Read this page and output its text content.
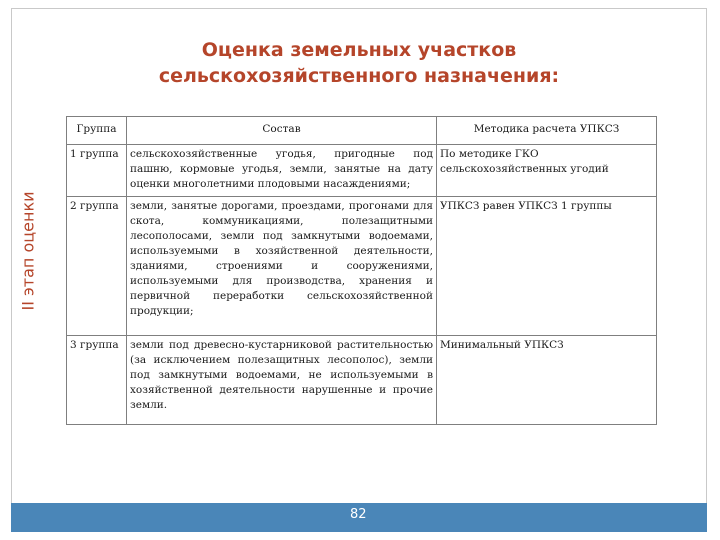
Оценка земельных участков
сельскохозяйственного назначения:
II этап оценки
Группа	Состав	Методика расчета УПКСЗ
1 группа	сельскохозяйственные угодья, пригодные под пашню, кормовые угодья, земли, занятые на дату оценки многолетними плодовыми насаждениями;	По методике ГКО сельскохозяйственных угодий
2 группа	земли, занятые дорогами, проездами, прогонами для скота, коммуникациями, полезащитными лесополосами, земли под замкнутыми водоемами, используемыми в хозяйственной деятельности, зданиями, строениями и сооружениями, используемыми для производства, хранения и первичной переработки сельскохозяйственной продукции;	УПКСЗ равен УПКСЗ 1 группы
3 группа	земли под древесно-кустарниковой растительностью (за исключением полезащитных лесополос), земли под замкнутыми водоемами, не используемыми в хозяйственной деятельности нарушенные и прочие земли.	Минимальный УПКСЗ
82
